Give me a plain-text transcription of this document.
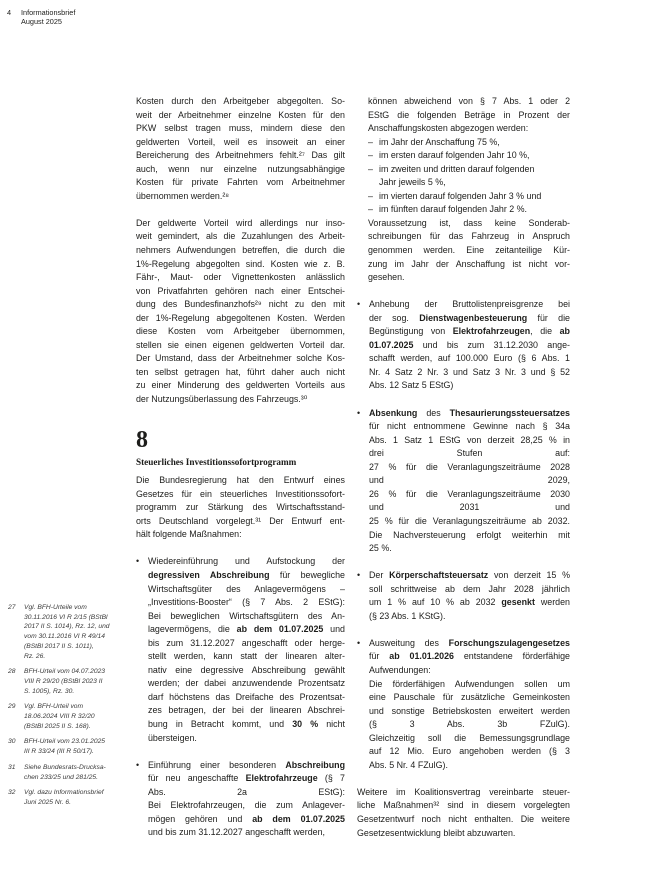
4 Informationsbrief
August 2025

Kosten durch den Arbeitgeber abgegolten. So-
weit der Arbeitnehmer einzelne Kosten für den
PKW selbst tragen muss, mindern diese den
geldwerten Vorteil, weil es insoweit an einer
Bereicherung des Arbeitnehmers fehlt.²⁷ Das gilt
auch, wenn nur einzelne nutzungsabhängige
Kosten für private Fahrten vom Arbeitnehmer
übernommen werden.²⁸

Der geldwerte Vorteil wird allerdings nur inso-
weit gemindert, als die Zuzahlungen des Arbeit-
nehmers Aufwendungen betreffen, die durch die
1%-Regelung abgegolten sind. Kosten wie z. B.
Fähr-, Maut- oder Vignettenkosten anlässlich
von Privatfahrten gehören nach einer Entschei-
dung des Bundesfinanzhofs²⁹ nicht zu den mit
der 1%-Regelung abgegoltenen Kosten. Werden
diese Kosten vom Arbeitgeber übernommen,
stellen sie einen eigenen geldwerten Vorteil dar.
Der Umstand, dass der Arbeitnehmer solche Kos-
ten selbst getragen hat, führt daher auch nicht
zu einer Minderung des geldwerten Vorteils aus
der Nutzungsüberlassung des Fahrzeugs.³⁰

8
Steuerliches Investitionssofortprogramm

Die Bundesregierung hat den Entwurf eines
Gesetzes für ein steuerliches Investitionssofort-
programm zur Stärkung des Wirtschaftsstand-
orts Deutschland vorgelegt.³¹ Der Entwurf ent-
hält folgende Maßnahmen:

• Wiedereinführung und Aufstockung der
degressiven Abschreibung für bewegliche
Wirtschaftsgüter des Anlagevermögens –
„Investitions-Booster“ (§ 7 Abs. 2 EStG):
Bei beweglichen Wirtschaftsgütern des An-
lagevermögens, die ab dem 01.07.2025 und
bis zum 31.12.2027 angeschafft oder herge-
stellt werden, kann statt der linearen alter-
nativ eine degressive Abschreibung gewählt
werden; der dabei anzuwendende Prozentsatz
darf höchstens das Dreifache des Prozentsat-
zes betragen, der bei der linearen Abschrei-
bung in Betracht kommt, und 30 % nicht
übersteigen.
• Einführung einer besonderen Abschreibung
für neu angeschaffte Elektrofahrzeuge (§ 7
Abs. 2a EStG):
Bei Elektrofahrzeugen, die zum Anlagever-
mögen gehören und ab dem 01.07.2025
und bis zum 31.12.2027 angeschafft werden,

können abweichend von § 7 Abs. 1 oder 2
EStG die folgenden Beträge in Prozent der
Anschaffungskosten abgezogen werden:

– im Jahr der Anschaffung 75 %,
– im ersten darauf folgenden Jahr 10 %,
– im zweiten und dritten darauf folgenden
Jahr jeweils 5 %,
– im vierten darauf folgenden Jahr 3 % und
– im fünften darauf folgenden Jahr 2 %.

Voraussetzung ist, dass keine Sonderab-
schreibungen für das Fahrzeug in Anspruch
genommen werden. Eine zeitanteilige Kür-
zung im Jahr der Anschaffung ist nicht vor-
gesehen.

• Anhebung der Bruttolistenpreisgrenze bei
der sog. Dienstwagenbesteuerung für die
Begünstigung von Elektrofahrzeugen, die ab
01.07.2025 und bis zum 31.12.2030 ange-
schafft werden, auf 100.000 Euro (§ 6 Abs. 1
Nr. 4 Satz 2 Nr. 3 und Satz 3 Nr. 3 und § 52
Abs. 12 Satz 5 EStG)
• Absenkung des Thesaurierungssteuersatzes
für nicht entnommene Gewinne nach § 34a
Abs. 1 Satz 1 EStG von derzeit 28,25 % in
drei Stufen auf:
27 % für die Veranlagungszeiträume 2028
und 2029,
26 % für die Veranlagungszeiträume 2030
und 2031 und
25 % für die Veranlagungszeiträume ab 2032.
Die Nachversteuerung erfolgt weiterhin mit
25 %.
• Der Körperschaftsteuersatz von derzeit 15 %
soll schrittweise ab dem Jahr 2028 jährlich
um 1 % auf 10 % ab 2032 gesenkt werden
(§ 23 Abs. 1 KStG).
• Ausweitung des Forschungszulagengesetzes
für ab 01.01.2026 entstandene förderfähige
Aufwendungen:
Die förderfähigen Aufwendungen sollen um
eine Pauschale für zusätzliche Gemeinkosten
und sonstige Betriebskosten erweitert werden
(§ 3 Abs. 3b FZulG).
Gleichzeitig soll die Bemessungsgrundlage
auf 12 Mio. Euro angehoben werden (§ 3
Abs. 5 Nr. 4 FZulG).

Weitere im Koalitionsvertrag vereinbarte steuer-
liche Maßnahmen³² sind in diesem vorgelegten
Gesetzentwurf noch nicht enthalten. Die weitere
Gesetzesentwicklung bleibt abzuwarten.

27	Vgl. BFH-Urteile vom
30.11.2016 VI R 2/15 (BStBl
2017 II S. 1014), Rz. 12, und
vom 30.11.2016 VI R 49/14
(BStBl 2017 II S. 1011),
Rz. 26.
28	BFH-Urteil vom 04.07.2023
VIII R 29/20 (BStBl 2023 II
S. 1005), Rz. 30.
29	Vgl. BFH-Urteil vom
18.06.2024 VIII R 32/20
(BStBl 2025 II S. 168).
30	BFH-Urteil vom 23.01.2025
III R 33/24 (III R 50/17).
31	Siehe Bundesrats-Drucksa-
chen 233/25 und 281/25.
32	Vgl. dazu Informationsbrief
Juni 2025 Nr. 6.
